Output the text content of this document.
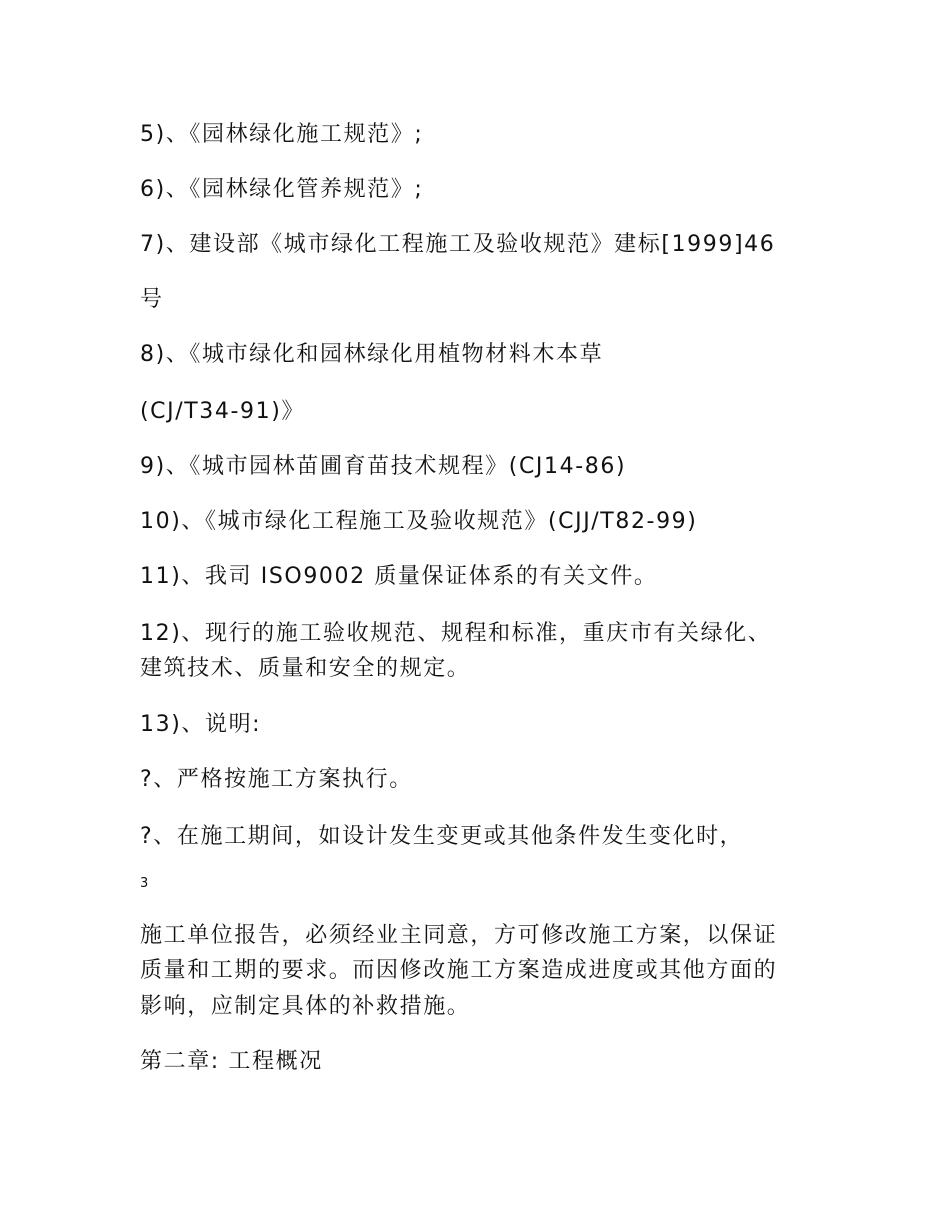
5)、《园林绿化施工规范》;
6)、《园林绿化管养规范》;
7)、建设部《城市绿化工程施工及验收规范》建标[1999]46
号
8)、《城市绿化和园林绿化用植物材料木本草
(CJ/T34-91)》
9)、《城市园林苗圃育苗技术规程》(CJ14-86)
10)、《城市绿化工程施工及验收规范》(CJJ/T82-99)
11)、我司 ISO9002 质量保证体系的有关文件。
12)、现行的施工验收规范、规程和标准，重庆市有关绿化、
建筑技术、质量和安全的规定。
13)、说明:
?、严格按施工方案执行。
?、在施工期间，如设计发生变更或其他条件发生变化时，
3
施工单位报告，必须经业主同意，方可修改施工方案，以保证
质量和工期的要求。而因修改施工方案造成进度或其他方面的
影响，应制定具体的补救措施。
第二章: 工程概况
